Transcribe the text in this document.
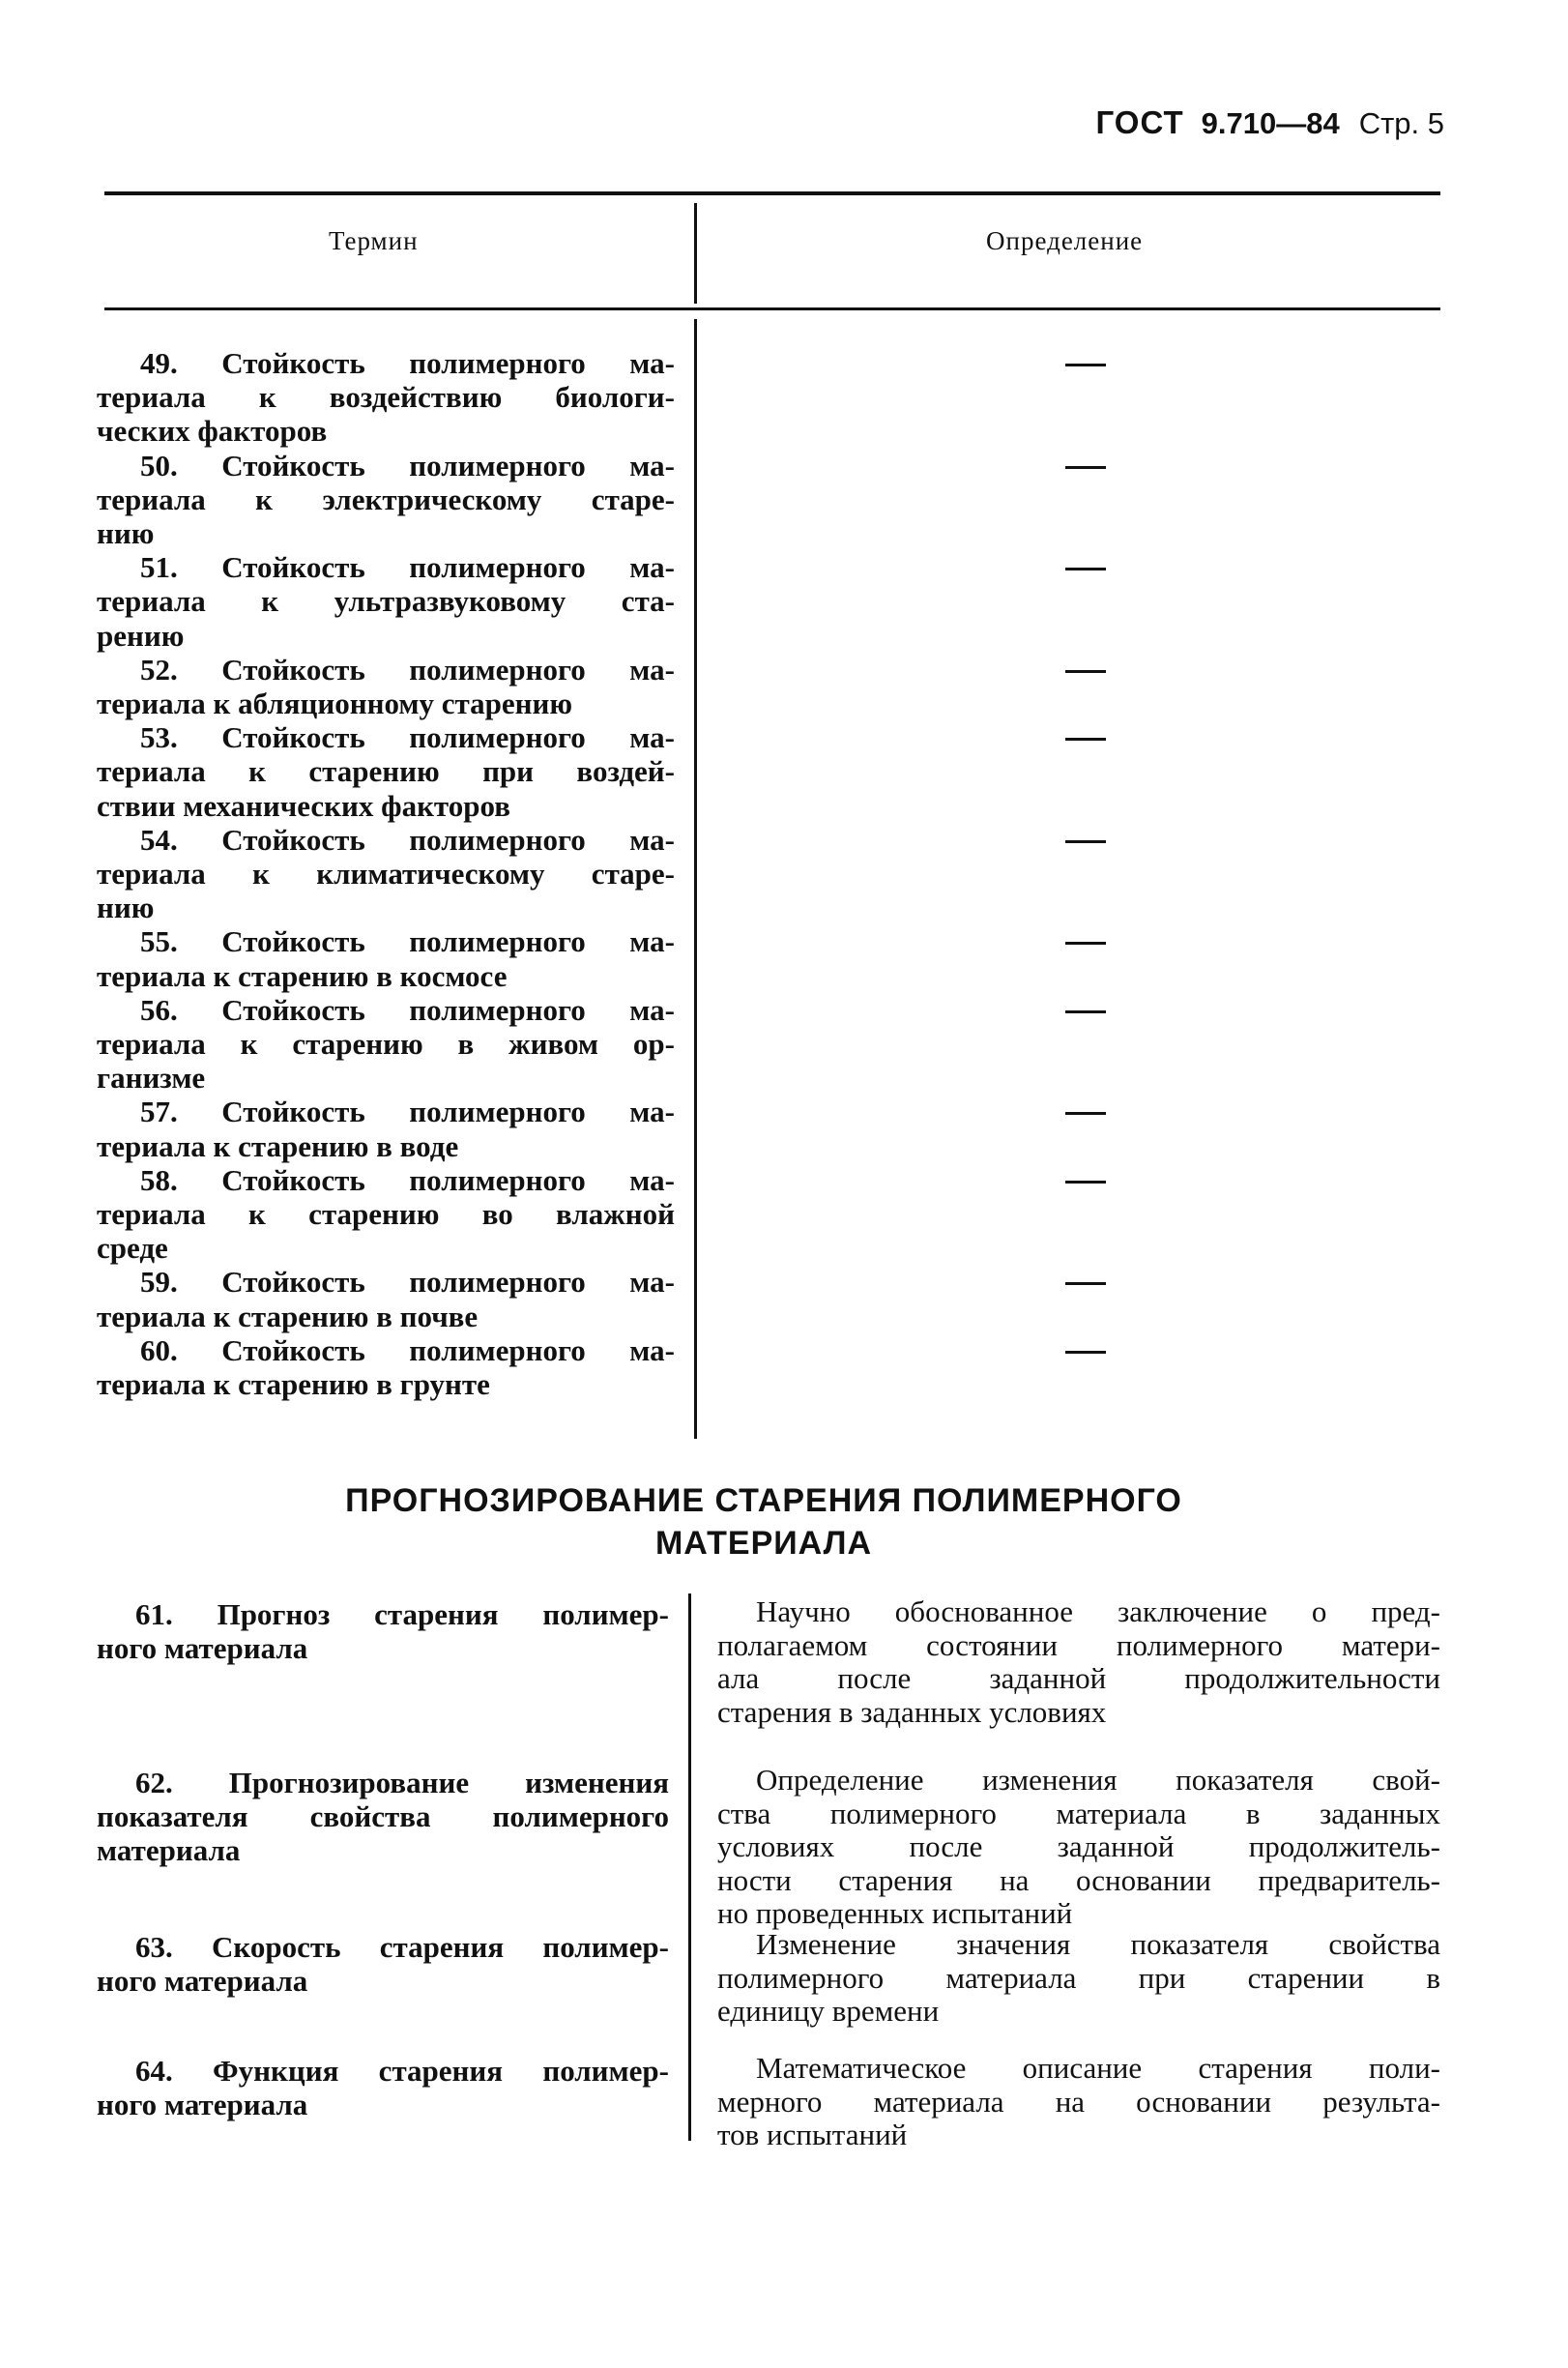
ГОСТ 9.710—84 Стр. 5
Термин	Определение
49. Стойкость полимерного ма-
териала к воздействию биологи-
ческих факторов
50. Стойкость полимерного ма-
териала к электрическому старе-
нию
51. Стойкость полимерного ма-
териала к ультразвуковому ста-
рению
52. Стойкость полимерного ма-
териала к абляционному старению
53. Стойкость полимерного ма-
териала к старению при воздей-
ствии механических факторов
54. Стойкость полимерного ма-
териала к климатическому старе-
нию
55. Стойкость полимерного ма-
териала к старению в космосе
56. Стойкость полимерного ма-
териала к старению в живом ор-
ганизме
57. Стойкость полимерного ма-
териала к старению в воде
58. Стойкость полимерного ма-
териала к старению во влажной
среде
59. Стойкость полимерного ма-
териала к старению в почве
60. Стойкость полимерного ма-
териала к старению в грунте
ПРОГНОЗИРОВАНИЕ СТАРЕНИЯ ПОЛИМЕРНОГО
МАТЕРИАЛА
61. Прогноз старения полимер-
ного материала
Научно обоснованное заключение о пред-
полагаемом состоянии полимерного матери-
ала после заданной продолжительности
старения в заданных условиях
62. Прогнозирование изменения
показателя свойства полимерного
материала
Определение изменения показателя свой-
ства полимерного материала в заданных
условиях после заданной продолжитель-
ности старения на основании предваритель-
но проведенных испытаний
63. Скорость старения полимер-
ного материала
Изменение значения показателя свойства
полимерного материала при старении в
единицу времени
64. Функция старения полимер-
ного материала
Математическое описание старения поли-
мерного материала на основании результа-
тов испытаний
